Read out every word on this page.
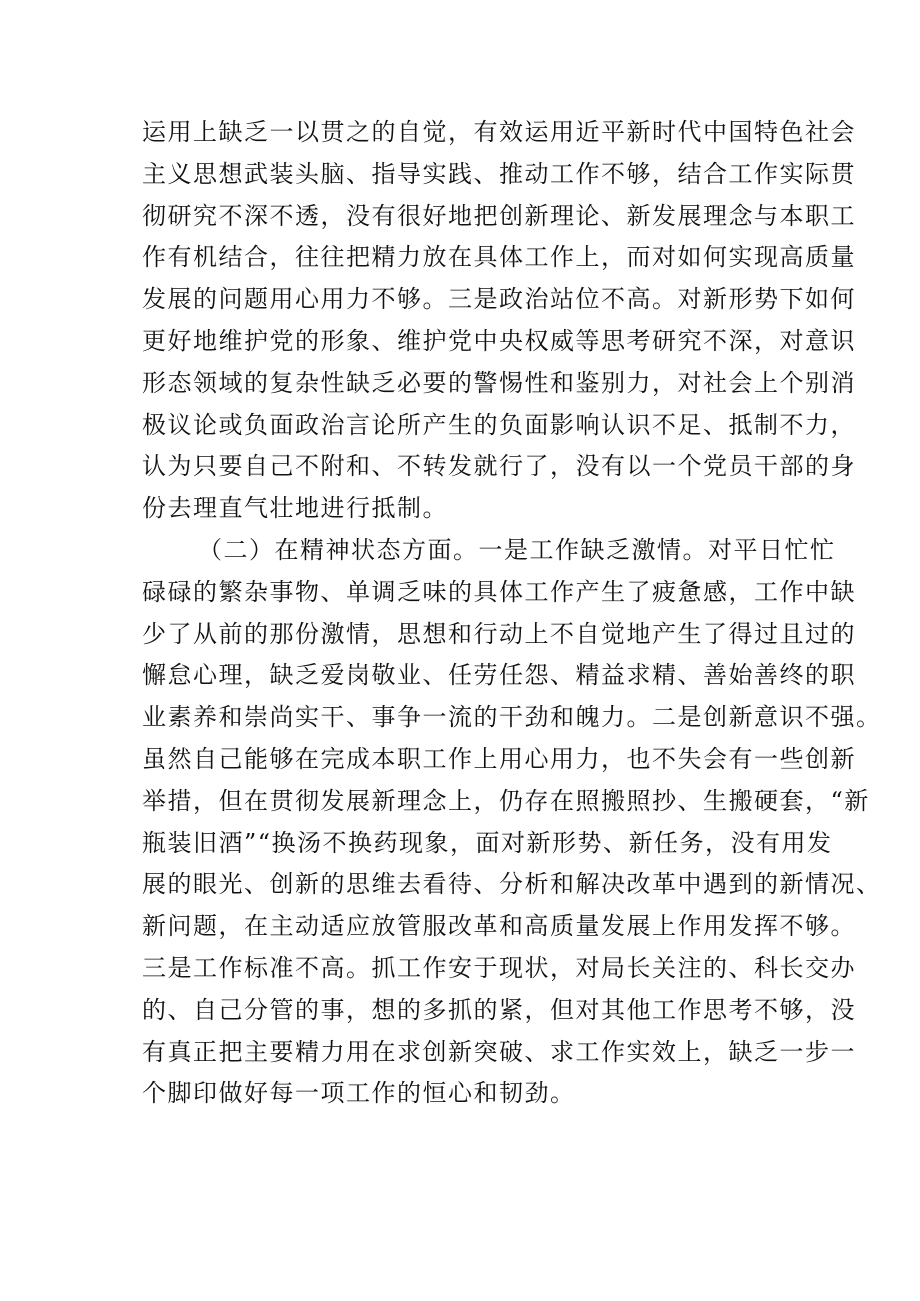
运用上缺乏一以贯之的自觉，有效运用近平新时代中国特色社会
主义思想武装头脑、指导实践、推动工作不够，结合工作实际贯
彻研究不深不透，没有很好地把创新理论、新发展理念与本职工
作有机结合，往往把精力放在具体工作上，而对如何实现高质量
发展的问题用心用力不够。三是政治站位不高。对新形势下如何
更好地维护党的形象、维护党中央权威等思考研究不深，对意识
形态领域的复杂性缺乏必要的警惕性和鉴别力，对社会上个别消
极议论或负面政治言论所产生的负面影响认识不足、抵制不力，
认为只要自己不附和、不转发就行了，没有以一个党员干部的身
份去理直气壮地进行抵制。
（二）在精神状态方面。一是工作缺乏激情。对平日忙忙
碌碌的繁杂事物、单调乏味的具体工作产生了疲惫感，工作中缺
少了从前的那份激情，思想和行动上不自觉地产生了得过且过的
懈怠心理，缺乏爱岗敬业、任劳任怨、精益求精、善始善终的职
业素养和崇尚实干、事争一流的干劲和魄力。二是创新意识不强。
虽然自己能够在完成本职工作上用心用力，也不失会有一些创新
举措，但在贯彻发展新理念上，仍存在照搬照抄、生搬硬套，“新
瓶装旧酒”“换汤不换药现象，面对新形势、新任务，没有用发
展的眼光、创新的思维去看待、分析和解决改革中遇到的新情况、
新问题，在主动适应放管服改革和高质量发展上作用发挥不够。
三是工作标准不高。抓工作安于现状，对局长关注的、科长交办
的、自己分管的事，想的多抓的紧，但对其他工作思考不够，没
有真正把主要精力用在求创新突破、求工作实效上，缺乏一步一
个脚印做好每一项工作的恒心和韧劲。
